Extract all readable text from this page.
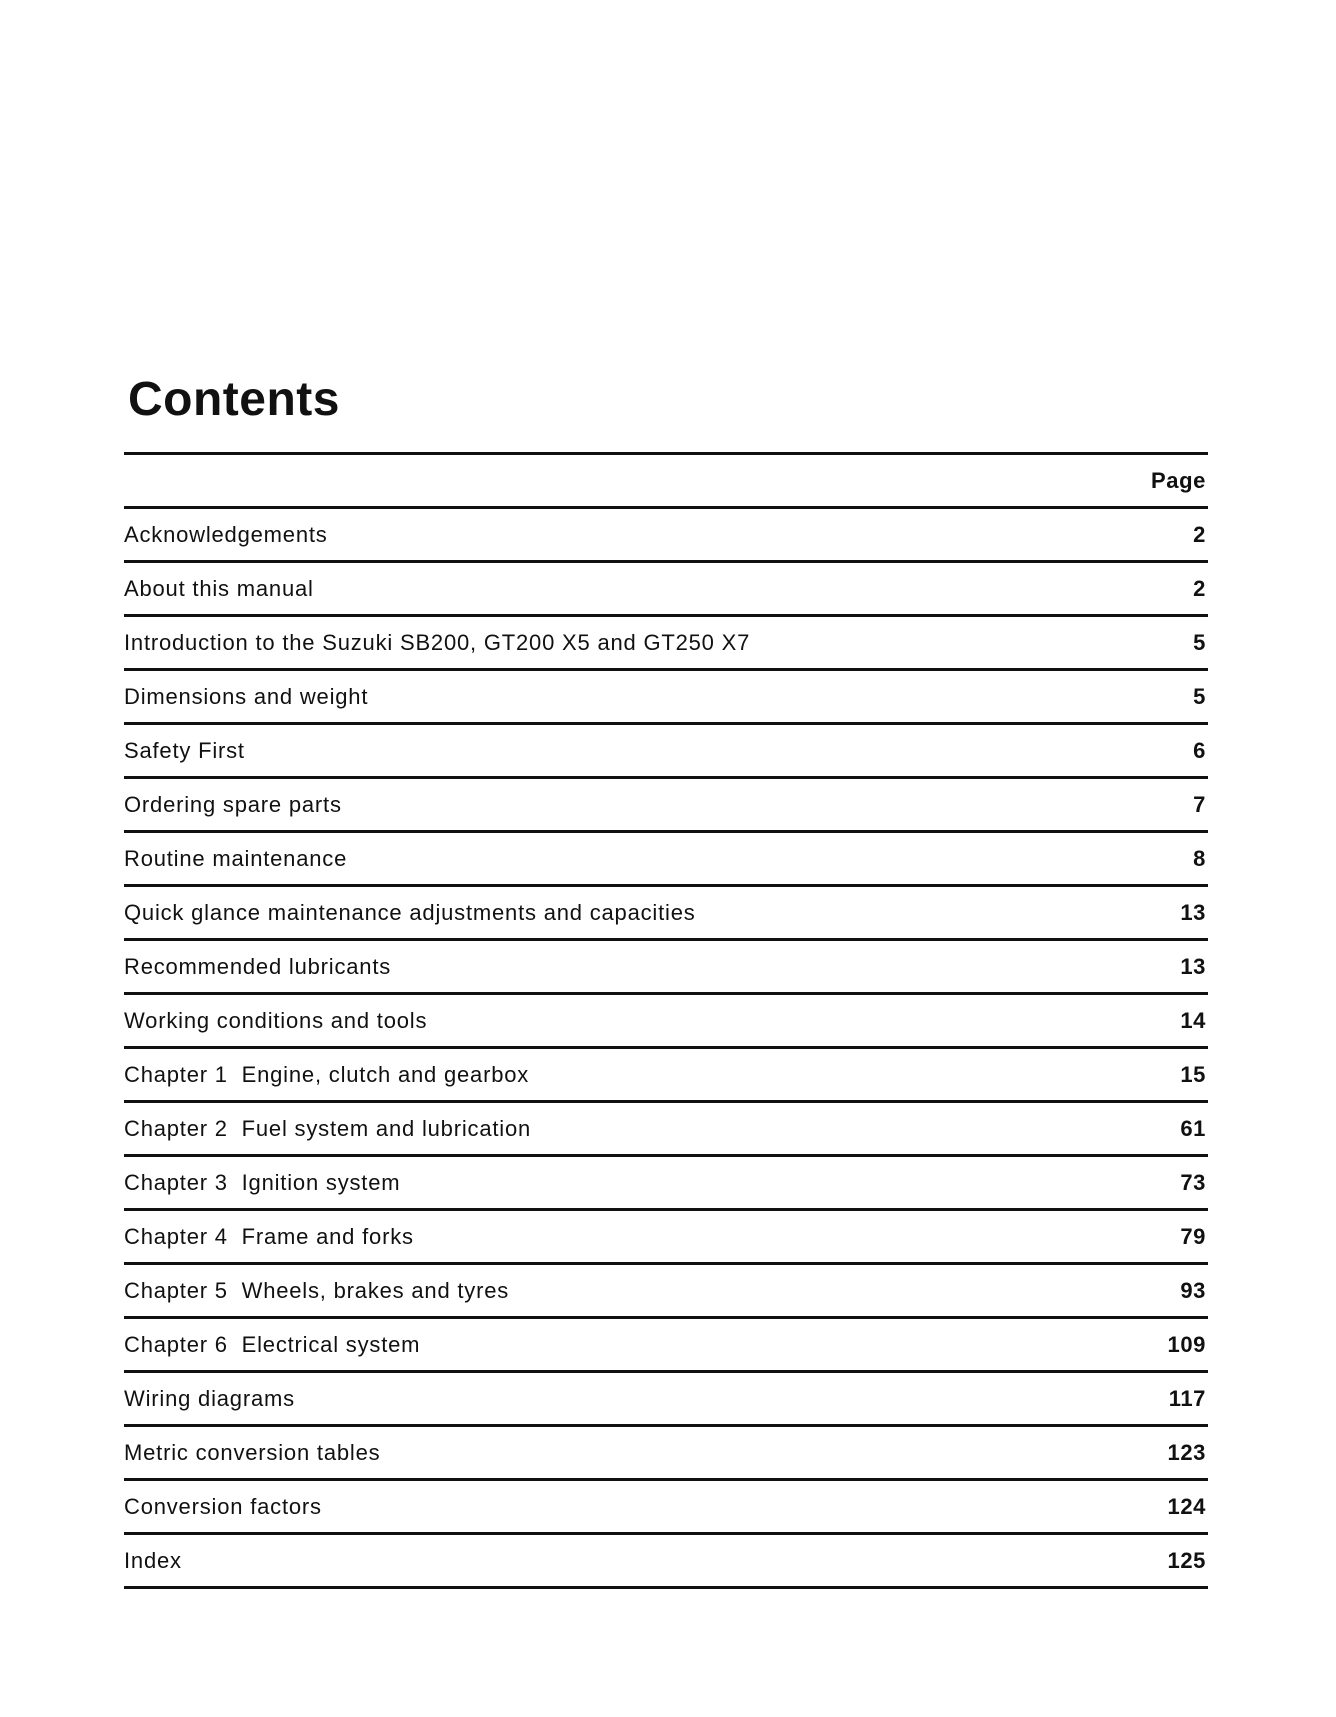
Contents
Page
Acknowledgements	2
About this manual	2
Introduction to the Suzuki SB200, GT200 X5 and GT250 X7	5
Dimensions and weight	5
Safety First	6
Ordering spare parts	7
Routine maintenance	8
Quick glance maintenance adjustments and capacities	13
Recommended lubricants	13
Working conditions and tools	14
Chapter 1  Engine, clutch and gearbox	15
Chapter 2  Fuel system and lubrication	61
Chapter 3  Ignition system	73
Chapter 4  Frame and forks	79
Chapter 5  Wheels, brakes and tyres	93
Chapter 6  Electrical system	109
Wiring diagrams	117
Metric conversion tables	123
Conversion factors	124
Index	125
